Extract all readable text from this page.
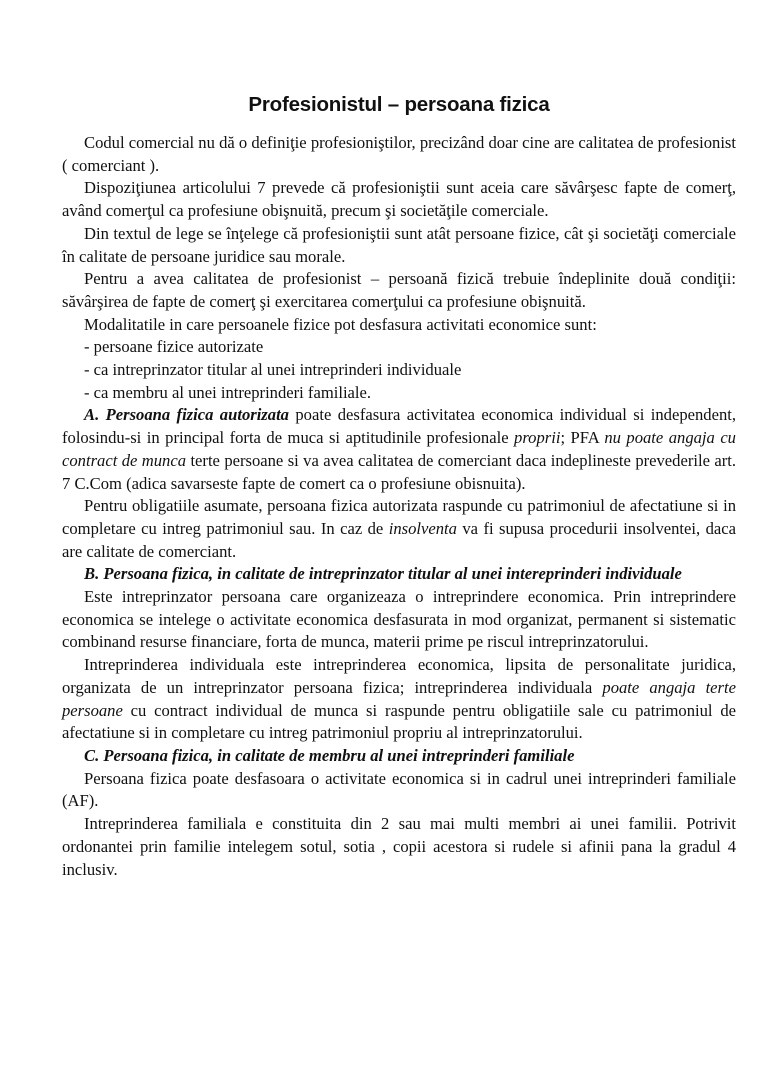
Profesionistul – persoana fizica

Codul comercial nu dă o definiţie profesioniştilor, precizând doar cine are calitatea de profesionist ( comerciant ).

Dispoziţiunea articolului 7 prevede că profesioniştii sunt aceia care săvârşesc fapte de comerţ, având comerţul ca profesiune obişnuită, precum şi societăţile comerciale.

Din textul de lege se înţelege că profesioniştii sunt atât persoane fizice, cât şi societăţi comerciale în calitate de persoane juridice sau morale.

Pentru a avea calitatea de profesionist – persoană fizică trebuie îndeplinite două condiţii: săvârşirea de fapte de comerţ şi exercitarea comerţului ca profesiune obişnuită.

Modalitatile in care persoanele fizice pot desfasura activitati economice sunt:

- persoane fizice autorizate

- ca intreprinzator titular al unei intreprinderi individuale

- ca membru al unei intreprinderi familiale.

A. Persoana fizica autorizata poate desfasura activitatea economica individual si independent, folosindu-si in principal forta de muca si aptitudinile profesionale proprii; PFA nu poate angaja cu contract de munca terte persoane si va avea calitatea de comerciant daca indeplineste prevederile art. 7 C.Com (adica savarseste fapte de comert ca o profesiune obisnuita).

Pentru obligatiile asumate, persoana fizica autorizata raspunde cu patrimoniul de afectatiune si in completare cu intreg patrimoniul sau. In caz de insolventa va fi supusa procedurii insolventei, daca are calitate de comerciant.

B. Persoana fizica, in calitate de intreprinzator titular al unei intereprinderi individuale

Este intreprinzator persoana care organizeaza o intreprindere economica. Prin intreprindere economica se intelege o activitate economica desfasurata in mod organizat, permanent si sistematic combinand resurse financiare, forta de munca, materii prime pe riscul intreprinzatorului.

Intreprinderea individuala este intreprinderea economica, lipsita de personalitate juridica, organizata de un intreprinzator persoana fizica; intreprinderea individuala poate angaja terte persoane cu contract individual de munca si raspunde pentru obligatiile sale cu patrimoniul de afectatiune si in completare cu intreg patrimoniul propriu al intreprinzatorului.

C. Persoana fizica, in calitate de membru al unei intreprinderi familiale

Persoana fizica poate desfasoara o activitate economica si in cadrul unei intreprinderi familiale (AF).

Intreprinderea familiala e constituita din 2 sau mai multi membri ai unei familii. Potrivit ordonantei prin familie intelegem sotul, sotia , copii acestora si rudele si afinii pana la gradul 4 inclusiv.
